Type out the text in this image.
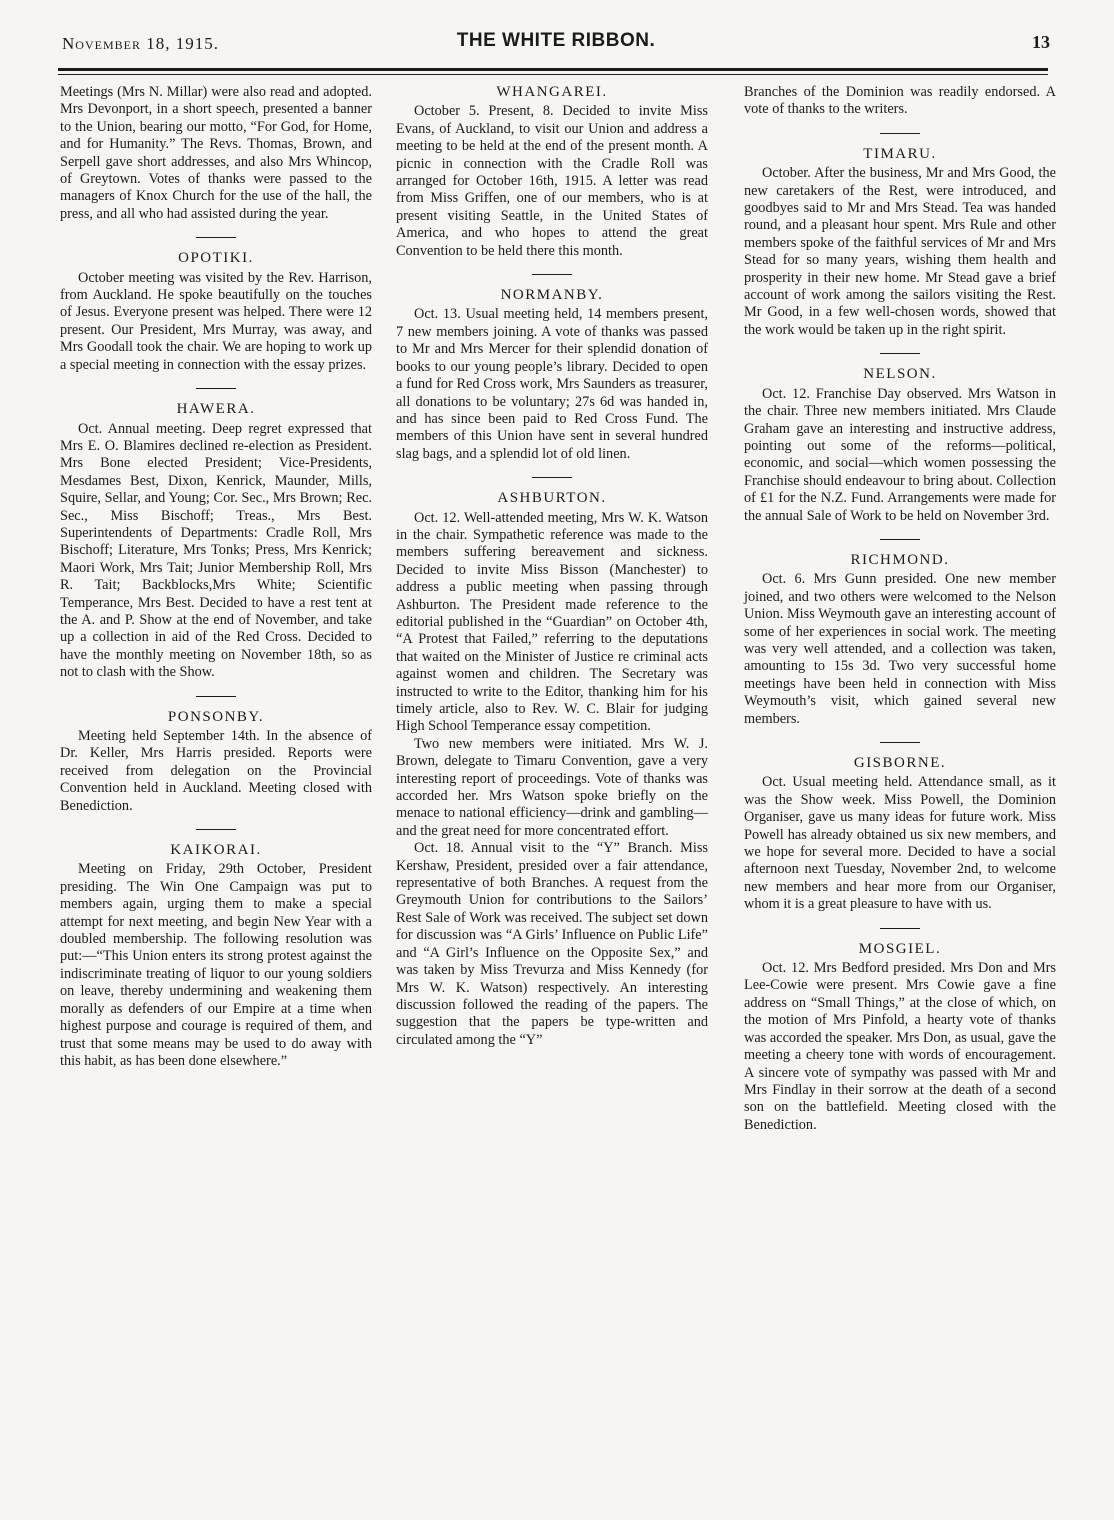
November 18, 1915.	THE WHITE RIBBON.	13

Meetings (Mrs N. Millar) were also read and adopted. Mrs Devonport, in a short speech, presented a banner to the Union, bearing our motto, “For God, for Home, and for Humanity.” The Revs. Thomas, Brown, and Serpell gave short addresses, and also Mrs Whincop, of Greytown. Votes of thanks were passed to the managers of Knox Church for the use of the hall, the press, and all who had assisted during the year.

OPOTIKI.

October meeting was visited by the Rev. Harrison, from Auckland. He spoke beautifully on the touches of Jesus. Everyone present was helped. There were 12 present. Our President, Mrs Murray, was away, and Mrs Goodall took the chair. We are hoping to work up a special meeting in connection with the essay prizes.

HAWERA.

Oct. Annual meeting. Deep regret expressed that Mrs E. O. Blamires declined re-election as President. Mrs Bone elected President; Vice-Presidents, Mesdames Best, Dixon, Kenrick, Maunder, Mills, Squire, Sellar, and Young; Cor. Sec., Mrs Brown; Rec. Sec., Miss Bischoff; Treas., Mrs Best. Superintendents of Departments: Cradle Roll, Mrs Bischoff; Literature, Mrs Tonks; Press, Mrs Kenrick; Maori Work, Mrs Tait; Junior Membership Roll, Mrs R. Tait; Backblocks,Mrs White; Scientific Temperance, Mrs Best. Decided to have a rest tent at the A. and P. Show at the end of November, and take up a collection in aid of the Red Cross. Decided to have the monthly meeting on November 18th, so as not to clash with the Show.

PONSONBY.

Meeting held September 14th. In the absence of Dr. Keller, Mrs Harris presided. Reports were received from delegation on the Provincial Convention held in Auckland. Meeting closed with Benediction.

KAIKORAI.

Meeting on Friday, 29th October, President presiding. The Win One Campaign was put to members again, urging them to make a special attempt for next meeting, and begin New Year with a doubled membership. The following resolution was put:—“This Union enters its strong protest against the indiscriminate treating of liquor to our young soldiers on leave, thereby undermining and weakening them morally as defenders of our Empire at a time when highest purpose and courage is required of them, and trust that some means may be used to do away with this habit, as has been done elsewhere.”

WHANGAREI.

October 5. Present, 8. Decided to invite Miss Evans, of Auckland, to visit our Union and address a meeting to be held at the end of the present month. A picnic in connection with the Cradle Roll was arranged for October 16th, 1915. A letter was read from Miss Griffen, one of our members, who is at present visiting Seattle, in the United States of America, and who hopes to attend the great Convention to be held there this month.

NORMANBY.

Oct. 13. Usual meeting held, 14 members present, 7 new members joining. A vote of thanks was passed to Mr and Mrs Mercer for their splendid donation of books to our young people’s library. Decided to open a fund for Red Cross work, Mrs Saunders as treasurer, all donations to be voluntary; 27s 6d was handed in, and has since been paid to Red Cross Fund. The members of this Union have sent in several hundred slag bags, and a splendid lot of old linen.

ASHBURTON.

Oct. 12. Well-attended meeting, Mrs W. K. Watson in the chair. Sympathetic reference was made to the members suffering bereavement and sickness. Decided to invite Miss Bisson (Manchester) to address a public meeting when passing through Ashburton. The President made reference to the editorial published in the “Guardian” on October 4th, “A Protest that Failed,” referring to the deputations that waited on the Minister of Justice re criminal acts against women and children. The Secretary was instructed to write to the Editor, thanking him for his timely article, also to Rev. W. C. Blair for judging High School Temperance essay competition.

Two new members were initiated. Mrs W. J. Brown, delegate to Timaru Convention, gave a very interesting report of proceedings. Vote of thanks was accorded her. Mrs Watson spoke briefly on the menace to national efficiency—drink and gambling—and the great need for more concentrated effort.

Oct. 18. Annual visit to the “Y” Branch. Miss Kershaw, President, presided over a fair attendance, representative of both Branches. A request from the Greymouth Union for contributions to the Sailors’ Rest Sale of Work was received. The subject set down for discussion was “A Girls’ Influence on Public Life” and “A Girl’s Influence on the Opposite Sex,” and was taken by Miss Trevurza and Miss Kennedy (for Mrs W. K. Watson) respectively. An interesting discussion followed the reading of the papers. The suggestion that the papers be type-written and circulated among the “Y”

Branches of the Dominion was readily endorsed. A vote of thanks to the writers.

TIMARU.

October. After the business, Mr and Mrs Good, the new caretakers of the Rest, were introduced, and goodbyes said to Mr and Mrs Stead. Tea was handed round, and a pleasant hour spent. Mrs Rule and other members spoke of the faithful services of Mr and Mrs Stead for so many years, wishing them health and prosperity in their new home. Mr Stead gave a brief account of work among the sailors visiting the Rest. Mr Good, in a few well-chosen words, showed that the work would be taken up in the right spirit.

NELSON.

Oct. 12. Franchise Day observed. Mrs Watson in the chair. Three new members initiated. Mrs Claude Graham gave an interesting and instructive address, pointing out some of the reforms—political, economic, and social—which women possessing the Franchise should endeavour to bring about. Collection of £1 for the N.Z. Fund. Arrangements were made for the annual Sale of Work to be held on November 3rd.

RICHMOND.

Oct. 6. Mrs Gunn presided. One new member joined, and two others were welcomed to the Nelson Union. Miss Weymouth gave an interesting account of some of her experiences in social work. The meeting was very well attended, and a collection was taken, amounting to 15s 3d. Two very successful home meetings have been held in connection with Miss Weymouth’s visit, which gained several new members.

GISBORNE.

Oct. Usual meeting held. Attendance small, as it was the Show week. Miss Powell, the Dominion Organiser, gave us many ideas for future work. Miss Powell has already obtained us six new members, and we hope for several more. Decided to have a social afternoon next Tuesday, November 2nd, to welcome new members and hear more from our Organiser, whom it is a great pleasure to have with us.

MOSGIEL.

Oct. 12. Mrs Bedford presided. Mrs Don and Mrs Lee-Cowie were present. Mrs Cowie gave a fine address on “Small Things,” at the close of which, on the motion of Mrs Pinfold, a hearty vote of thanks was accorded the speaker. Mrs Don, as usual, gave the meeting a cheery tone with words of encouragement. A sincere vote of sympathy was passed with Mr and Mrs Findlay in their sorrow at the death of a second son on the battlefield. Meeting closed with the Benediction.
